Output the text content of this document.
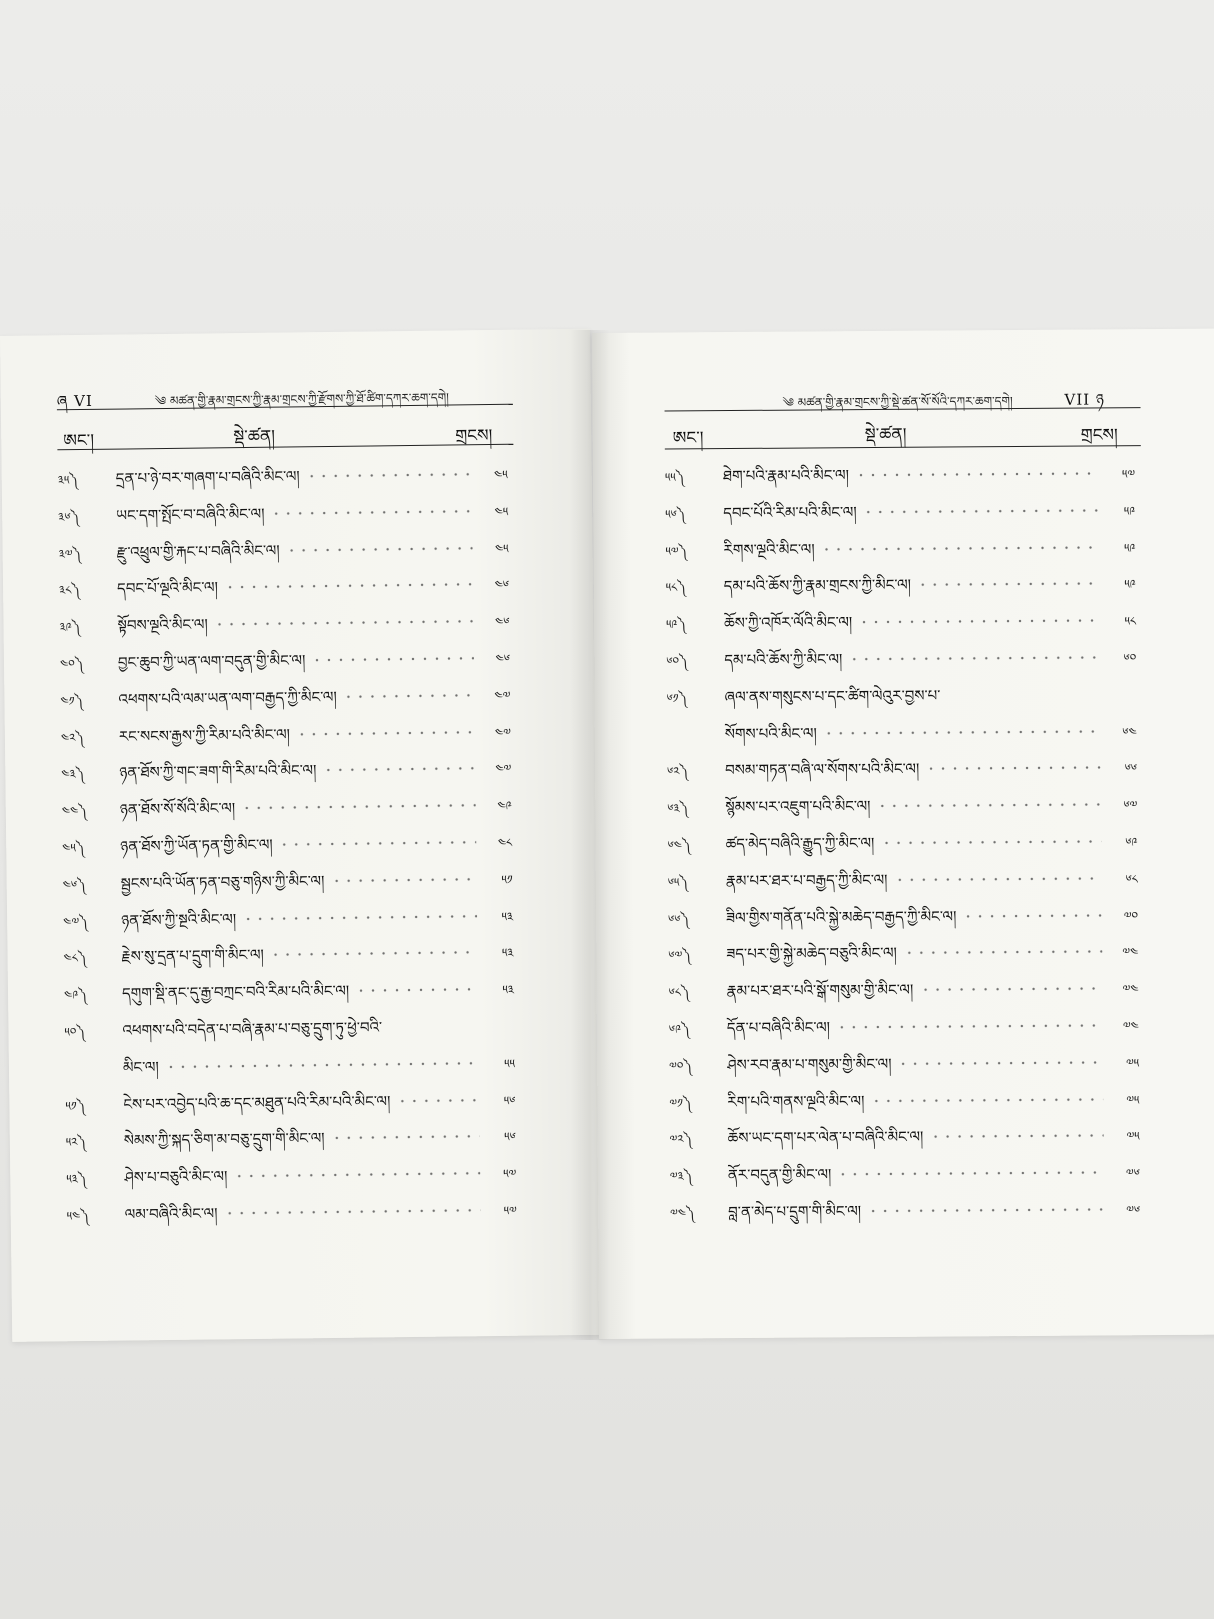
ཞ VI	༄ མཚན་གྱི་རྣམ་གྲངས་ཀྱི་རྣམ་གྲངས་ཀྱི་རྫོགས་ཀྱི་ཐོ་ཚིག་དཀར་ཆག་དགེ།
ཨང་།	སྡེ་ཚན།	གྲངས།
༣༥༽	དྲན་པ་ཉེ་བར་གཞག་པ་བཞིའི་མིང་ལ།	༤༥
༣༦༽	ཡང་དག་སྤོང་བ་བཞིའི་མིང་ལ།	༤༥
༣༧༽	རྫུ་འཕྲུལ་གྱི་རྐང་པ་བཞིའི་མིང་ལ།	༤༥
༣༨༽	དབང་པོ་ལྔའི་མིང་ལ།	༤༦
༣༩༽	སྟོབས་ལྔའི་མིང་ལ།	༤༦
༤༠༽	བྱང་ཆུབ་ཀྱི་ཡན་ལག་བདུན་གྱི་མིང་ལ།	༤༦
༤༡༽	འཕགས་པའི་ལམ་ཡན་ལག་བརྒྱད་ཀྱི་མིང་ལ།	༤༧
༤༢༽	རང་སངས་རྒྱས་ཀྱི་རིམ་པའི་མིང་ལ།	༤༧
༤༣༽	ཉན་ཐོས་ཀྱི་གང་ཟག་གི་རིམ་པའི་མིང་ལ།	༤༧
༤༤༽	ཉན་ཐོས་སོ་སོའི་མིང་ལ།	༤༩
༤༥༽	ཉན་ཐོས་ཀྱི་ཡོན་ཏན་གྱི་མིང་ལ།	༤༨
༤༦༽	སྦྱངས་པའི་ཡོན་ཏན་བཅུ་གཉིས་ཀྱི་མིང་ལ།	༥༡
༤༧༽	ཉན་ཐོས་ཀྱི་སྔའི་མིང་ལ།	༥༣
༤༨༽	རྗེས་སུ་དྲན་པ་དྲུག་གི་མིང་ལ།	༥༣
༤༩༽	དགུག་སྡི་ནང་དུ་རྒྱ་བཀྲང་བའི་རིམ་པའི་མིང་ལ།	༥༣
༥༠༽	འཕགས་པའི་བདེན་པ་བཞི་རྣམ་པ་བཅུ་དྲུག་ཏུ་ཕྱེ་བའི་
མིང་ལ།	༥༥
༥༡༽	ངེས་པར་འབྱེད་པའི་ཆ་དང་མཐུན་པའི་རིམ་པའི་མིང་ལ།	༥༦
༥༢༽	སེམས་ཀྱི་སྐད་ཅིག་མ་བཅུ་དྲུག་གི་མིང་ལ།	༥༦
༥༣༽	ཤེས་པ་བཅུའི་མིང་ལ།	༥༧
༥༤༽	ལམ་བཞིའི་མིང་ལ།	༥༧
༄ མཚན་གྱི་རྣམ་གྲངས་ཀྱི་སྡེ་ཚན་སོ་སོའི་དཀར་ཆག་དགེ།	VII ཉ
ཨང་།	སྡེ་ཚན།	གྲངས།
༥༥༽	ཐེག་པའི་རྣམ་པའི་མིང་ལ།	༥༧
༥༦༽	དབང་པོའི་རིམ་པའི་མིང་ལ།	༥༩
༥༧༽	རིགས་ལྔའི་མིང་ལ།	༥༩
༥༨༽	དམ་པའི་ཆོས་ཀྱི་རྣམ་གྲངས་ཀྱི་མིང་ལ།	༥༩
༥༩༽	ཆོས་ཀྱི་འཁོར་ལོའི་མིང་ལ།	༥༨
༦༠༽	དམ་པའི་ཆོས་ཀྱི་མིང་ལ།	༦༠
༦༡༽	ཞལ་ནས་གསུངས་པ་དང་ཚིག་ལེའུར་བྱས་པ་
སོགས་པའི་མིང་ལ།	༦༤
༦༢༽	བསམ་གཏན་བཞི་ལ་སོགས་པའི་མིང་ལ།	༦༦
༦༣༽	སྙོམས་པར་འཇུག་པའི་མིང་ལ།	༦༧
༦༤༽	ཚད་མེད་བཞིའི་རྒྱུད་ཀྱི་མིང་ལ།	༦༩
༦༥༽	རྣམ་པར་ཐར་པ་བརྒྱད་ཀྱི་མིང་ལ།	༦༨
༦༦༽	ཟིལ་གྱིས་གནོན་པའི་སྐྱེ་མཆེད་བརྒྱད་ཀྱི་མིང་ལ།	༧༠
༦༧༽	ཟད་པར་གྱི་སྐྱེ་མཆེད་བཅུའི་མིང་ལ།	༧༤
༦༨༽	རྣམ་པར་ཐར་པའི་སྒོ་གསུམ་གྱི་མིང་ལ།	༧༤
༦༩༽	དོན་པ་བཞིའི་མིང་ལ།	༧༤
༧༠༽	ཤེས་རབ་རྣམ་པ་གསུམ་གྱི་མིང་ལ།	༧༥
༧༡༽	རིག་པའི་གནས་ལྔའི་མིང་ལ།	༧༥
༧༢༽	ཆོས་ཡང་དག་པར་ལེན་པ་བཞིའི་མིང་ལ།	༧༥
༧༣༽	ནོར་བདུན་གྱི་མིང་ལ།	༧༦
༧༤༽	བླ་ན་མེད་པ་དྲུག་གི་མིང་ལ།	༧༦
